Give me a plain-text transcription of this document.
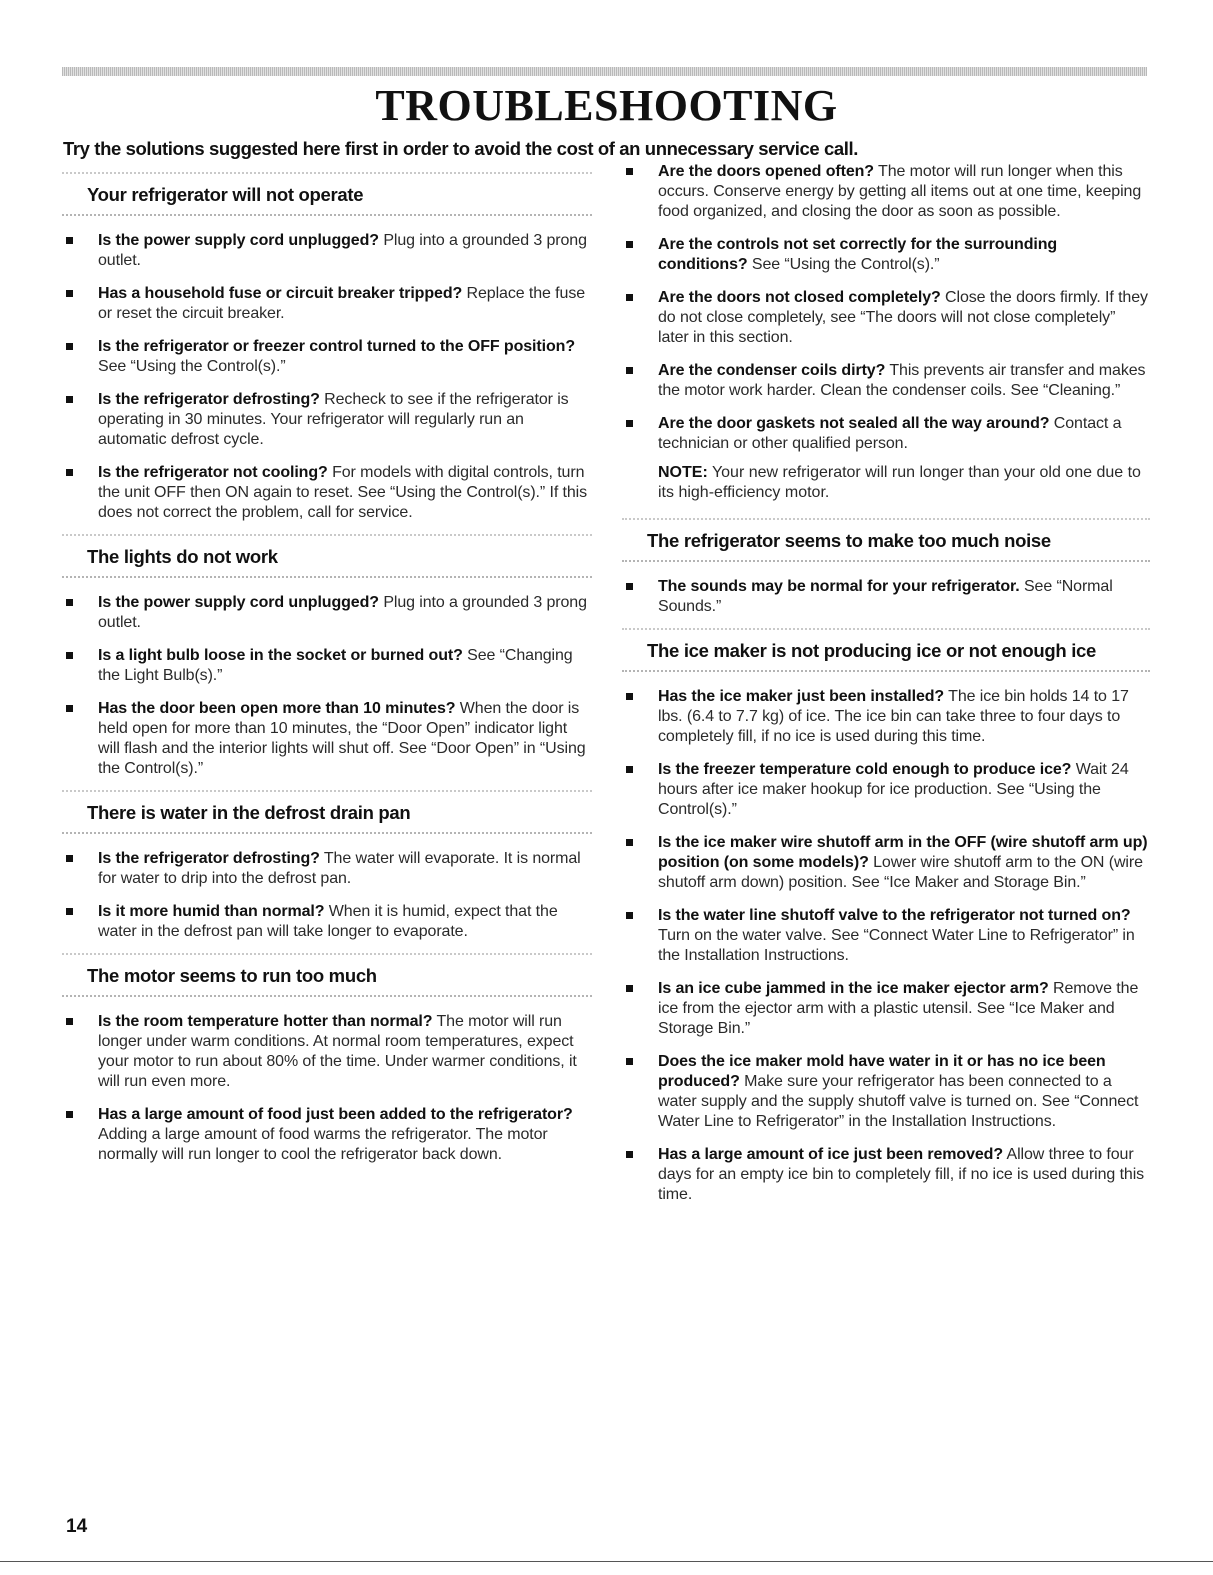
TROUBLESHOOTING

Try the solutions suggested here first in order to avoid the cost of an unnecessary service call.

Your refrigerator will not operate
Is the power supply cord unplugged? Plug into a grounded 3 prong outlet.
Has a household fuse or circuit breaker tripped? Replace the fuse or reset the circuit breaker.
Is the refrigerator or freezer control turned to the OFF position? See “Using the Control(s).”
Is the refrigerator defrosting? Recheck to see if the refrigerator is operating in 30 minutes. Your refrigerator will regularly run an automatic defrost cycle.
Is the refrigerator not cooling? For models with digital controls, turn the unit OFF then ON again to reset. See “Using the Control(s).” If this does not correct the problem, call for service.
The lights do not work
Is the power supply cord unplugged? Plug into a grounded 3 prong outlet.
Is a light bulb loose in the socket or burned out? See “Changing the Light Bulb(s).”
Has the door been open more than 10 minutes? When the door is held open for more than 10 minutes, the “Door Open” indicator light will flash and the interior lights will shut off. See “Door Open” in “Using the Control(s).”
There is water in the defrost drain pan
Is the refrigerator defrosting? The water will evaporate. It is normal for water to drip into the defrost pan.
Is it more humid than normal? When it is humid, expect that the water in the defrost pan will take longer to evaporate.
The motor seems to run too much
Is the room temperature hotter than normal? The motor will run longer under warm conditions. At normal room temperatures, expect your motor to run about 80% of the time. Under warmer conditions, it will run even more.
Has a large amount of food just been added to the refrigerator? Adding a large amount of food warms the refrigerator. The motor normally will run longer to cool the refrigerator back down.
Are the doors opened often? The motor will run longer when this occurs. Conserve energy by getting all items out at one time, keeping food organized, and closing the door as soon as possible.
Are the controls not set correctly for the surrounding conditions? See “Using the Control(s).”
Are the doors not closed completely? Close the doors firmly. If they do not close completely, see “The doors will not close completely” later in this section.
Are the condenser coils dirty? This prevents air transfer and makes the motor work harder. Clean the condenser coils. See “Cleaning.”
Are the door gaskets not sealed all the way around? Contact a technician or other qualified person.

NOTE: Your new refrigerator will run longer than your old one due to its high-efficiency motor.

The refrigerator seems to make too much noise
The sounds may be normal for your refrigerator. See “Normal Sounds.”
The ice maker is not producing ice or not enough ice
Has the ice maker just been installed? The ice bin holds 14 to 17 lbs. (6.4 to 7.7 kg) of ice. The ice bin can take three to four days to completely fill, if no ice is used during this time.
Is the freezer temperature cold enough to produce ice? Wait 24 hours after ice maker hookup for ice production. See “Using the Control(s).”
Is the ice maker wire shutoff arm in the OFF (wire shutoff arm up) position (on some models)? Lower wire shutoff arm to the ON (wire shutoff arm down) position. See “Ice Maker and Storage Bin.”
Is the water line shutoff valve to the refrigerator not turned on? Turn on the water valve. See “Connect Water Line to Refrigerator” in the Installation Instructions.
Is an ice cube jammed in the ice maker ejector arm? Remove the ice from the ejector arm with a plastic utensil. See “Ice Maker and Storage Bin.”
Does the ice maker mold have water in it or has no ice been produced? Make sure your refrigerator has been connected to a water supply and the supply shutoff valve is turned on. See “Connect Water Line to Refrigerator” in the Installation Instructions.
Has a large amount of ice just been removed? Allow three to four days for an empty ice bin to completely fill, if no ice is used during this time.
14
